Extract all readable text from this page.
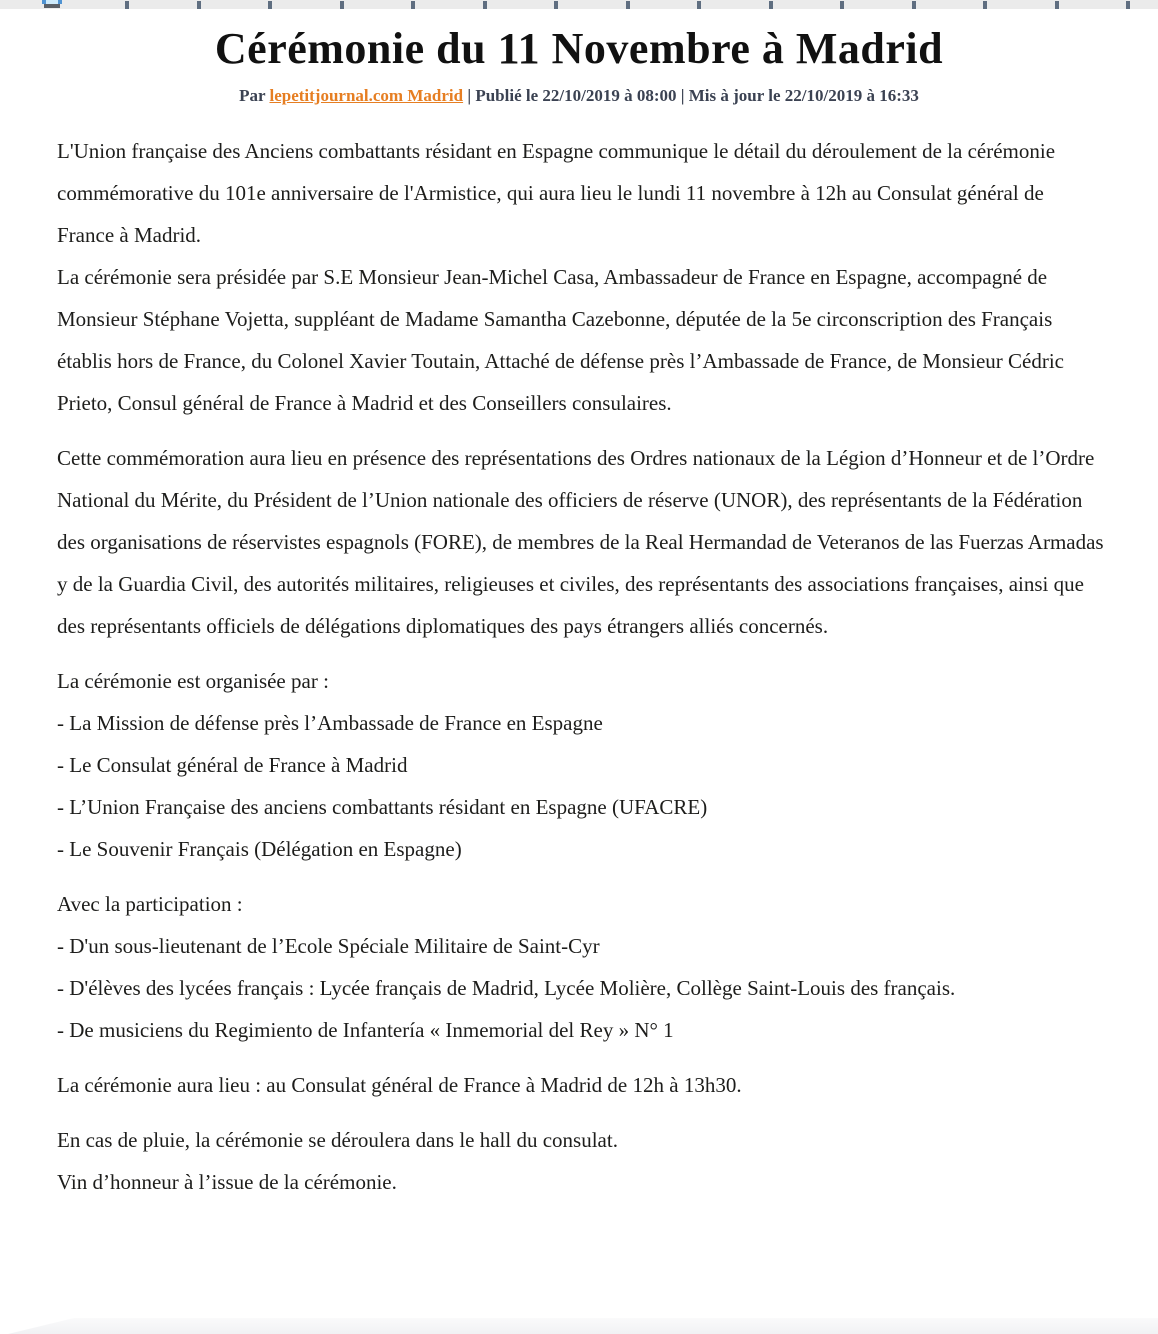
Cérémonie du 11 Novembre à Madrid
Par lepetitjournal.com Madrid | Publié le 22/10/2019 à 08:00 | Mis à jour le 22/10/2019 à 16:33

L'Union française des Anciens combattants résidant en Espagne communique le détail du déroulement de la cérémonie commémorative du 101e anniversaire de l'Armistice, qui aura lieu le lundi 11 novembre à 12h au Consulat général de France à Madrid.

La cérémonie sera présidée par S.E Monsieur Jean-Michel Casa, Ambassadeur de France en Espagne, accompagné de Monsieur Stéphane Vojetta, suppléant de Madame Samantha Cazebonne, députée de la 5e circonscription des Français établis hors de France, du Colonel Xavier Toutain, Attaché de défense près l’Ambassade de France, de Monsieur Cédric Prieto, Consul général de France à Madrid et des Conseillers consulaires.

Cette commémoration aura lieu en présence des représentations des Ordres nationaux de la Légion d’Honneur et de l’Ordre National du Mérite, du Président de l’Union nationale des officiers de réserve (UNOR), des représentants de la Fédération des organisations de réservistes espagnols (FORE), de membres de la Real Hermandad de Veteranos de las Fuerzas Armadas y de la Guardia Civil, des autorités militaires, religieuses et civiles, des représentants des associations françaises, ainsi que des représentants officiels de délégations diplomatiques des pays étrangers alliés concernés.

La cérémonie est organisée par :

- La Mission de défense près l’Ambassade de France en Espagne

- Le Consulat général de France à Madrid

- L’Union Française des anciens combattants résidant en Espagne (UFACRE)

- Le Souvenir Français (Délégation en Espagne)

Avec la participation :

- D'un sous-lieutenant de l’Ecole Spéciale Militaire de Saint-Cyr

- D'élèves des lycées français : Lycée français de Madrid, Lycée Molière, Collège Saint-Louis des français.

- De musiciens du Regimiento de Infantería « Inmemorial del Rey » N° 1

La cérémonie aura lieu : au Consulat général de France à Madrid de 12h à 13h30.

En cas de pluie, la cérémonie se déroulera dans le hall du consulat.

Vin d’honneur à l’issue de la cérémonie.
